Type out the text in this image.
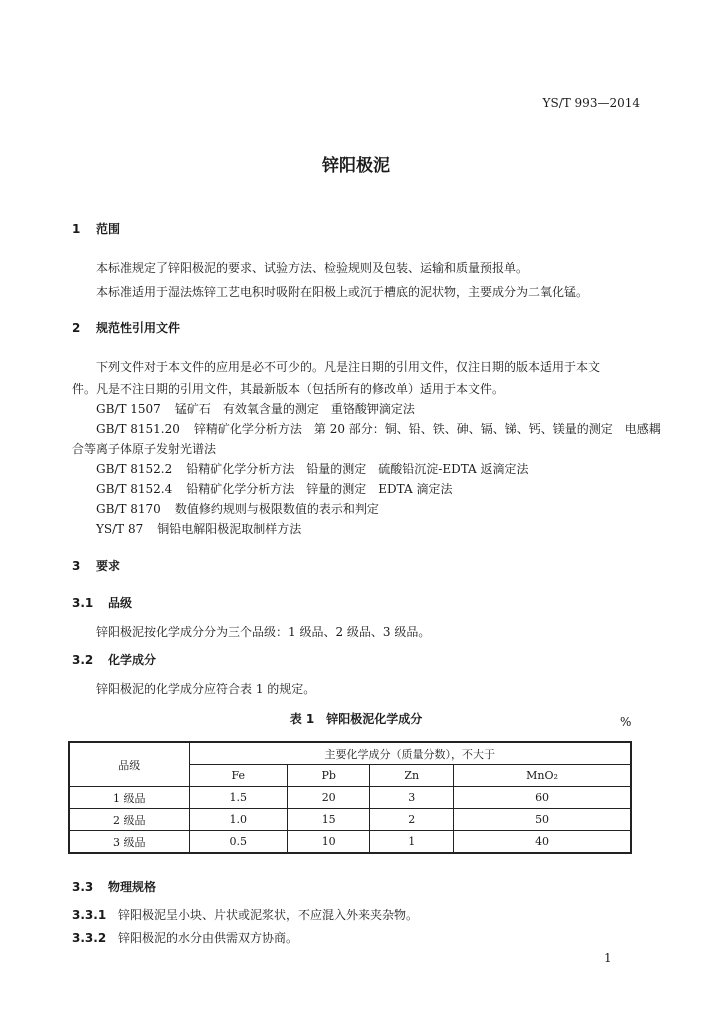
YS/T 993—2014
锌阳极泥
1 范围
本标准规定了锌阳极泥的要求、试验方法、检验规则及包装、运输和质量预报单。
本标准适用于湿法炼锌工艺电积时吸附在阳极上或沉于槽底的泥状物，主要成分为二氧化锰。
2 规范性引用文件
下列文件对于本文件的应用是必不可少的。凡是注日期的引用文件，仅注日期的版本适用于本文
件。凡是不注日期的引用文件，其最新版本（包括所有的修改单）适用于本文件。
GB/T 1507 锰矿石　有效氧含量的测定　重铬酸钾滴定法
GB/T 8151.20 锌精矿化学分析方法　第 20 部分：铜、铅、铁、砷、镉、锑、钙、镁量的测定　电感耦
合等离子体原子发射光谱法
GB/T 8152.2 铅精矿化学分析方法　铅量的测定　硫酸铅沉淀-EDTA 返滴定法
GB/T 8152.4 铅精矿化学分析方法　锌量的测定　EDTA 滴定法
GB/T 8170 数值修约规则与极限数值的表示和判定
YS/T 87 铜铅电解阳极泥取制样方法
3 要求
3.1 品级
锌阳极泥按化学成分分为三个品级：1 级品、2 级品、3 级品。
3.2 化学成分
锌阳极泥的化学成分应符合表 1 的规定。
表 1　锌阳极泥化学成分	%
品级	主要化学成分（质量分数），不大于			
	Fe	Pb	Zn	MnO₂
1 级品	1.5	20	3	60
2 级品	1.0	15	2	50
3 级品	0.5	10	1	40
3.3 物理规格
3.3.1 锌阳极泥呈小块、片状或泥浆状，不应混入外来夹杂物。
3.3.2 锌阳极泥的水分由供需双方协商。
1
